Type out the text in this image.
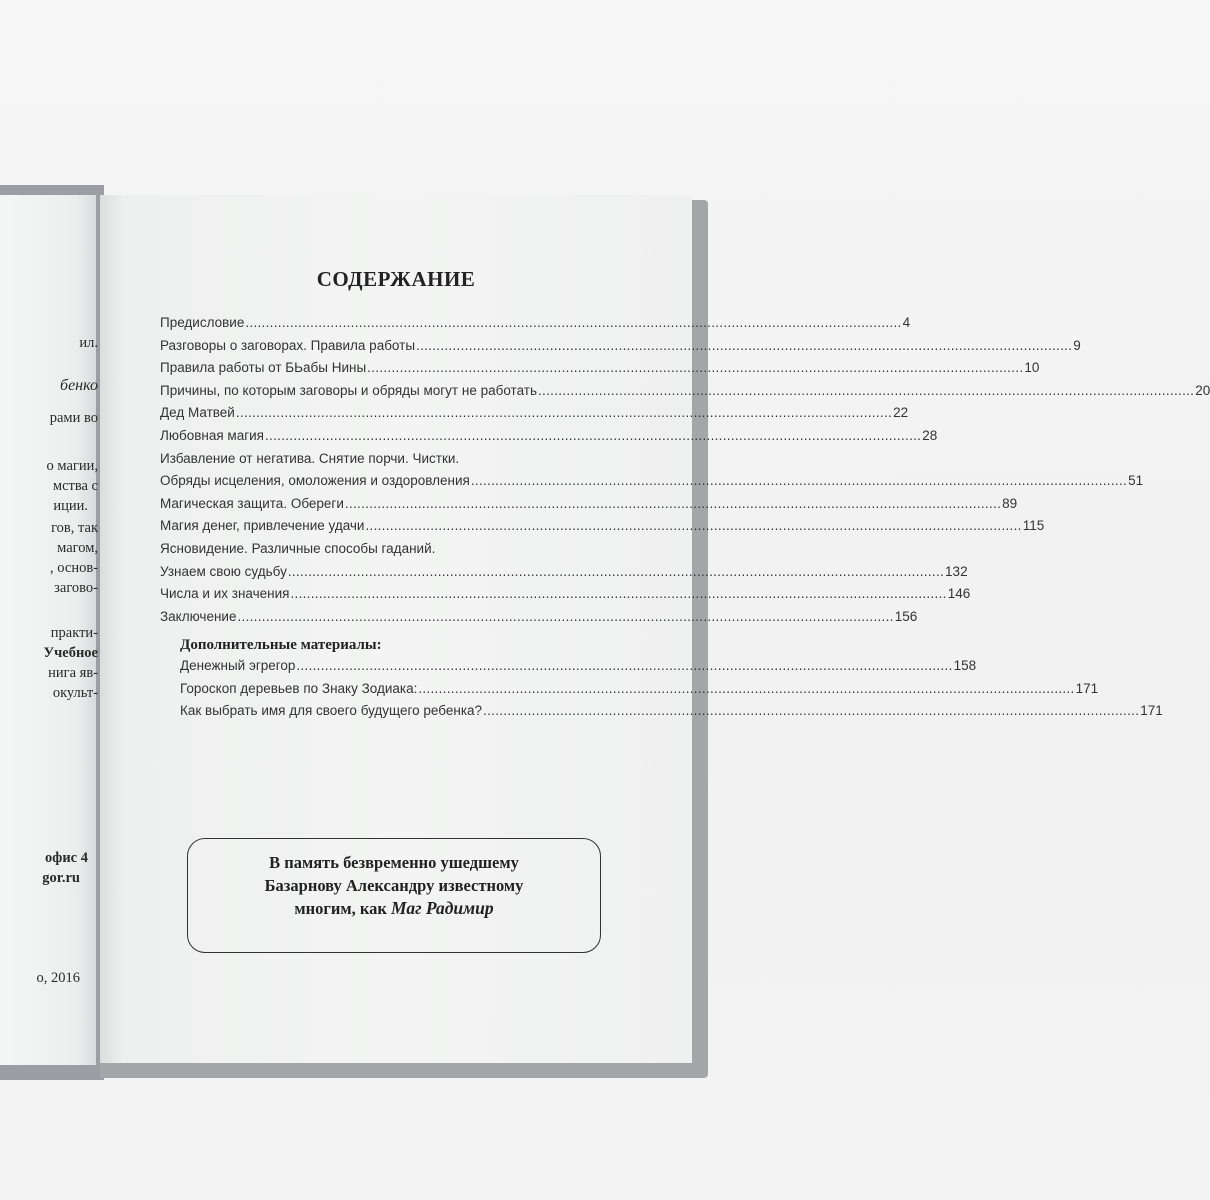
ил.
бенко
рами во
о магии,
мства с
иции.
гов, так
магом,
, основ-
загово-
практи-
Учебное
нига яв-
окульт-
офис 4
gor.ru
о, 2016
СОДЕРЖАНИЕ
Предисловие .....	4
Разговоры о заговорах. Правила работы .....	9
Правила работы от БЬабы Нины .....	10
Причины, по которым заговоры и обряды могут не работать .....	20
Дед Матвей .....	22
Любовная магия .....	28
Избавление от негатива. Снятие порчи. Чистки.
Обряды исцеления, омоложения и оздоровления .....	51
Магическая защита. Обереги .....	89
Магия денег, привлечение удачи .....	115
Ясновидение. Различные способы гаданий.
Узнаем свою судьбу .....	132
Числа и их значения .....	146
Заключение .....	156
Дополнительные материалы:
Денежный эгрегор .....	158
Гороскоп деревьев по Знаку Зодиака: .....	171
Как выбрать имя для своего будущего ребенка? .....	171
В память безвременно ушедшему
Базарнову Александру известному
многим, как Маг Радимир
